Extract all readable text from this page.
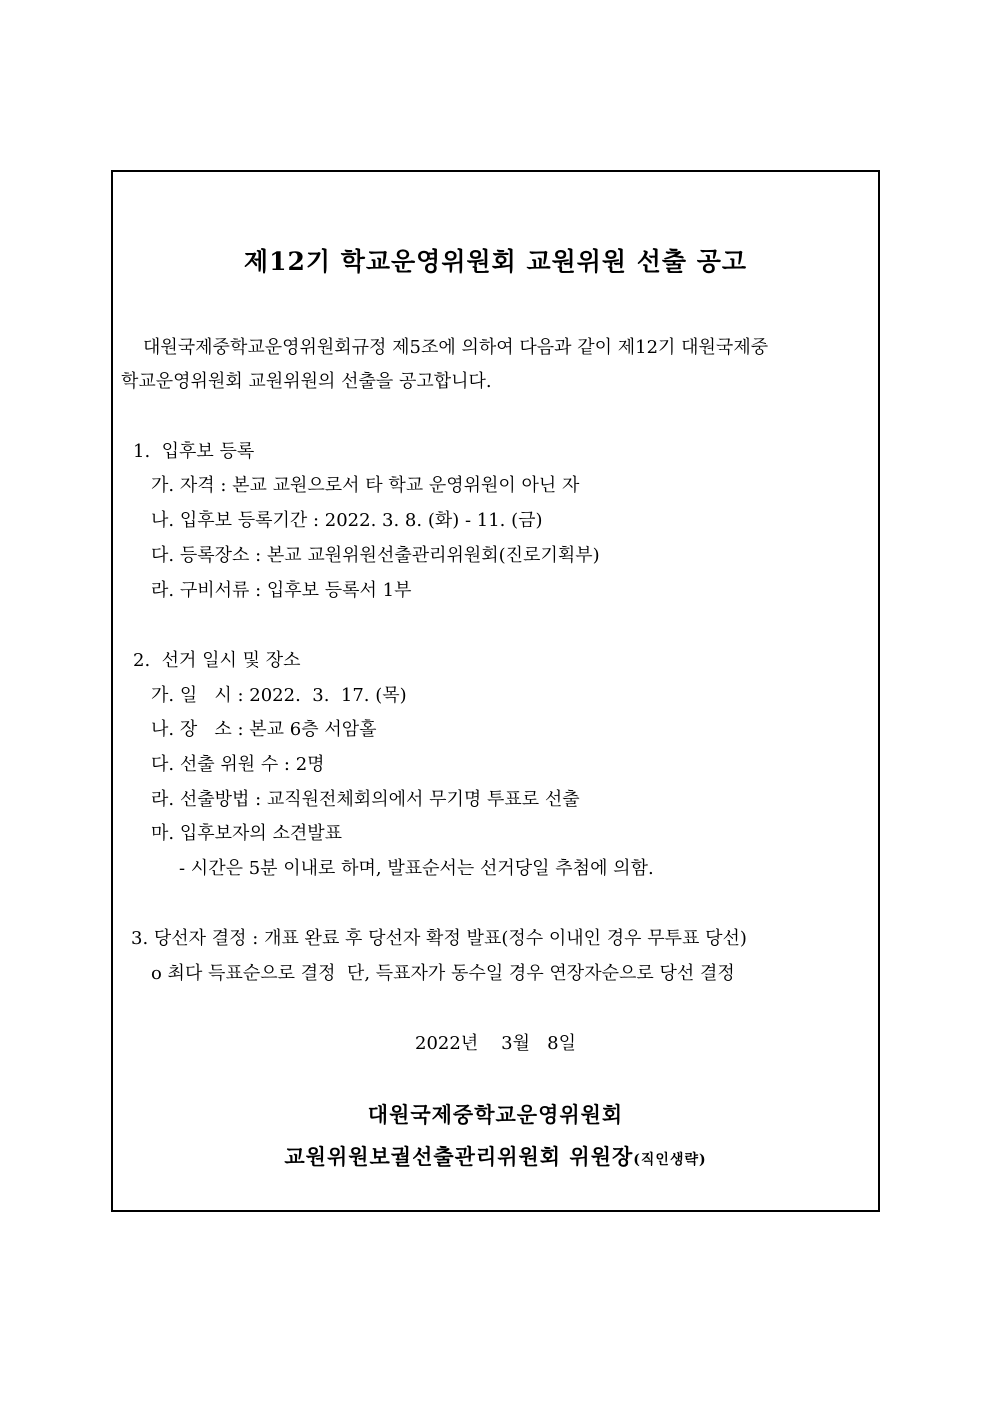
제12기 학교운영위원회 교원위원 선출 공고
대원국제중학교운영위원회규정 제5조에 의하여 다음과 같이 제12기 대원국제중
학교운영위원회 교원위원의 선출을 공고합니다.
1.  입후보 등록
가. 자격 : 본교 교원으로서 타 학교 운영위원이 아닌 자
나. 입후보 등록기간 : 2022. 3. 8. (화) - 11. (금)
다. 등록장소 : 본교 교원위원선출관리위원회(진로기획부)
라. 구비서류 : 입후보 등록서 1부
2.  선거 일시 및 장소
가. 일   시 : 2022.  3.  17. (목)
나. 장   소 : 본교 6층 서암홀
다. 선출 위원 수 : 2명
라. 선출방법 : 교직원전체회의에서 무기명 투표로 선출
마. 입후보자의 소견발표
- 시간은 5분 이내로 하며, 발표순서는 선거당일 추첨에 의함.
3. 당선자 결정 : 개표 완료 후 당선자 확정 발표(정수 이내인 경우 무투표 당선)
o 최다 득표순으로 결정  단, 득표자가 동수일 경우 연장자순으로 당선 결정
2022년    3월   8일
대원국제중학교운영위원회
교원위원보궐선출관리위원회 위원장(직인생략)
